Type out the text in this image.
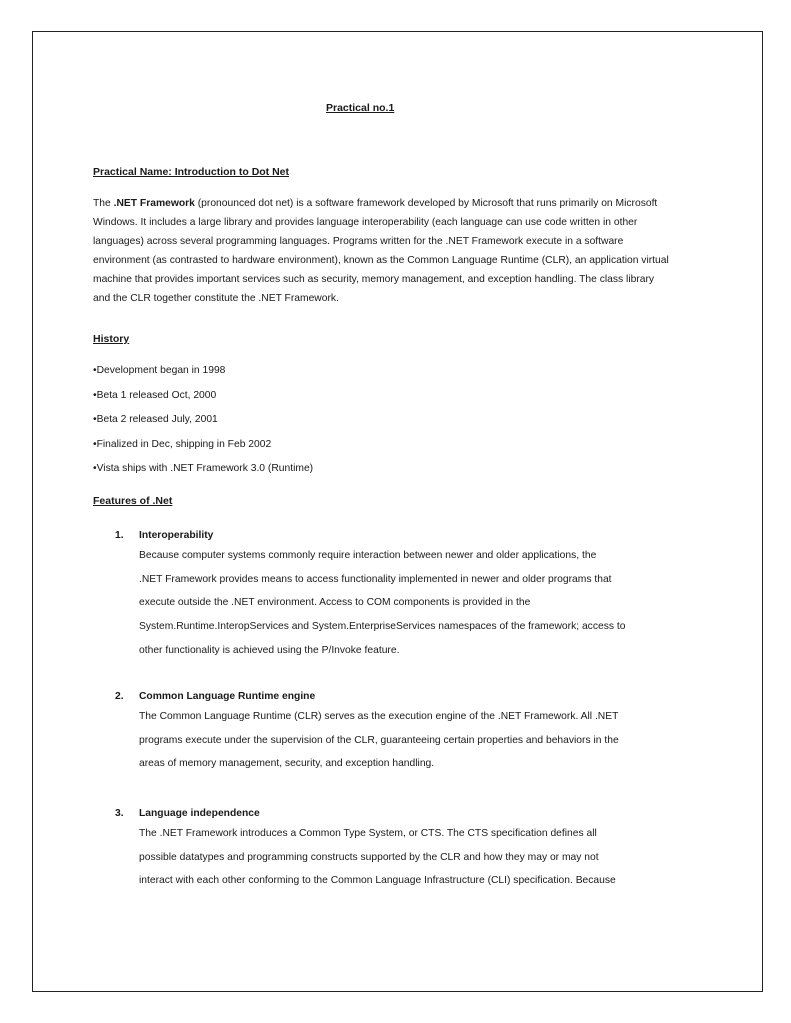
Practical no.1
Practical Name: Introduction to Dot Net
The .NET Framework (pronounced dot net) is a software framework developed by Microsoft that runs primarily on Microsoft
Windows. It includes a large library and provides language interoperability (each language can use code written in other
languages) across several programming languages. Programs written for the .NET Framework execute in a software
environment (as contrasted to hardware environment), known as the Common Language Runtime (CLR), an application virtual
machine that provides important services such as security, memory management, and exception handling. The class library
and the CLR together constitute the .NET Framework.
History
•Development began in 1998
•Beta 1 released Oct, 2000
•Beta 2 released July, 2001
•Finalized in Dec, shipping in Feb 2002
•Vista ships with .NET Framework 3.0 (Runtime)
Features of .Net
1. Interoperability
Because computer systems commonly require interaction between newer and older applications, the
.NET Framework provides means to access functionality implemented in newer and older programs that
execute outside the .NET environment. Access to COM components is provided in the
System.Runtime.InteropServices and System.EnterpriseServices namespaces of the framework; access to
other functionality is achieved using the P/Invoke feature.
2. Common Language Runtime engine
The Common Language Runtime (CLR) serves as the execution engine of the .NET Framework. All .NET
programs execute under the supervision of the CLR, guaranteeing certain properties and behaviors in the
areas of memory management, security, and exception handling.
3. Language independence
The .NET Framework introduces a Common Type System, or CTS. The CTS specification defines all
possible datatypes and programming constructs supported by the CLR and how they may or may not
interact with each other conforming to the Common Language Infrastructure (CLI) specification. Because
